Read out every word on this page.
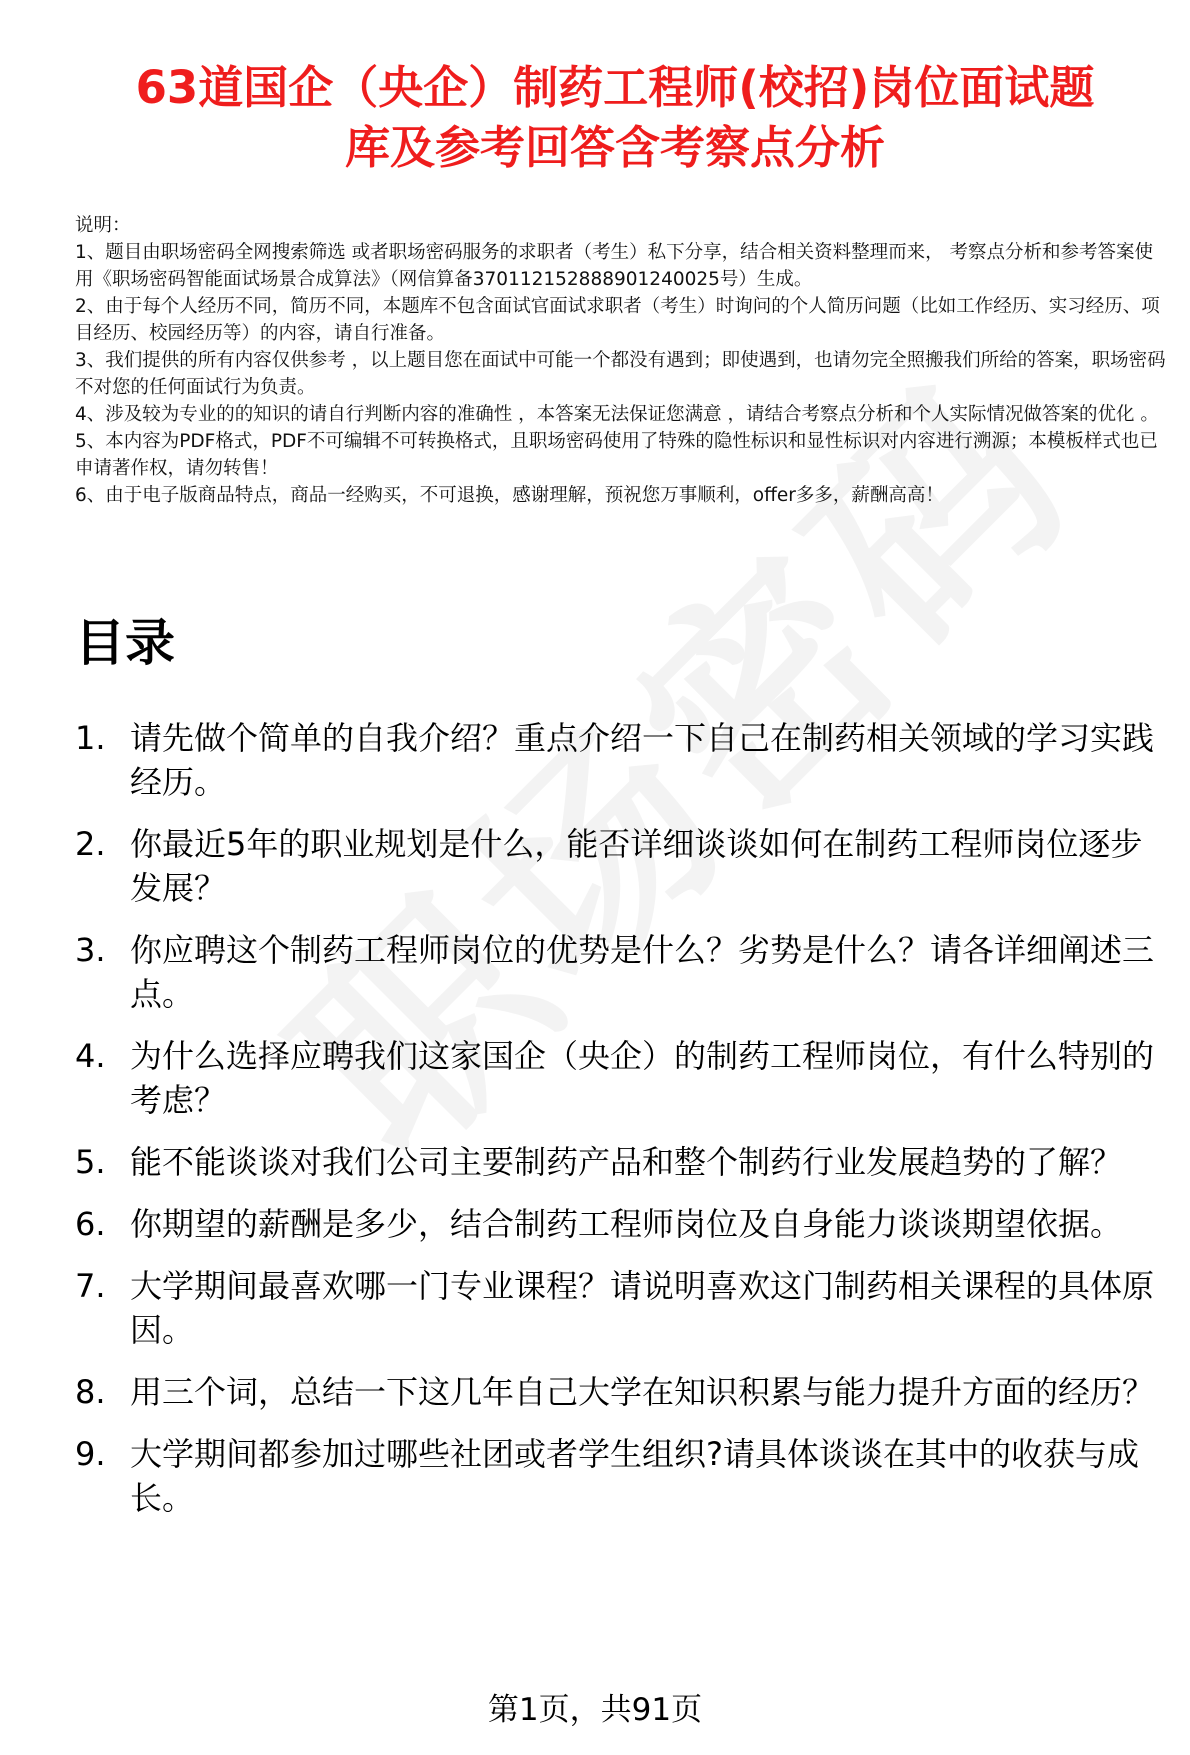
63道国企（央企）制药工程师(校招)岗位面试题
库及参考回答含考察点分析

说明：

1、题目由职场密码全网搜索筛选 或者职场密码服务的求职者（考生）私下分享，结合相关资料整理而来， 考察点分析和参考答案使用《职场密码智能面试场景合成算法》（网信算备370112152888901240025号）生成。

2、由于每个人经历不同，简历不同，本题库不包含面试官面试求职者（考生）时询问的个人简历问题（比如工作经历、实习经历、项目经历、校园经历等）的内容，请自行准备。

3、我们提供的所有内容仅供参考 ，以上题目您在面试中可能一个都没有遇到；即使遇到，也请勿完全照搬我们所给的答案，职场密码不对您的任何面试行为负责。

4、涉及较为专业的的知识的请自行判断内容的准确性 ，本答案无法保证您满意 ，请结合考察点分析和个人实际情况做答案的优化 。

5、本内容为PDF格式，PDF不可编辑不可转换格式，且职场密码使用了特殊的隐性标识和显性标识对内容进行溯源；本模板样式也已申请著作权，请勿转售！

6、由于电子版商品特点，商品一经购买，不可退换，感谢理解，预祝您万事顺利，offer多多，薪酬高高！

目录
1. 请先做个简单的自我介绍？重点介绍一下自己在制药相关领域的学习实践经历。
2. 你最近5年的职业规划是什么，能否详细谈谈如何在制药工程师岗位逐步发展？
3. 你应聘这个制药工程师岗位的优势是什么？劣势是什么？请各详细阐述三点。
4. 为什么选择应聘我们这家国企（央企）的制药工程师岗位，有什么特别的考虑？
5. 能不能谈谈对我们公司主要制药产品和整个制药行业发展趋势的了解？
6. 你期望的薪酬是多少，结合制药工程师岗位及自身能力谈谈期望依据。
7. 大学期间最喜欢哪一门专业课程？请说明喜欢这门制药相关课程的具体原因。
8. 用三个词，总结一下这几年自己大学在知识积累与能力提升方面的经历？
9. 大学期间都参加过哪些社团或者学生组织?请具体谈谈在其中的收获与成长。
第1页，共91页
